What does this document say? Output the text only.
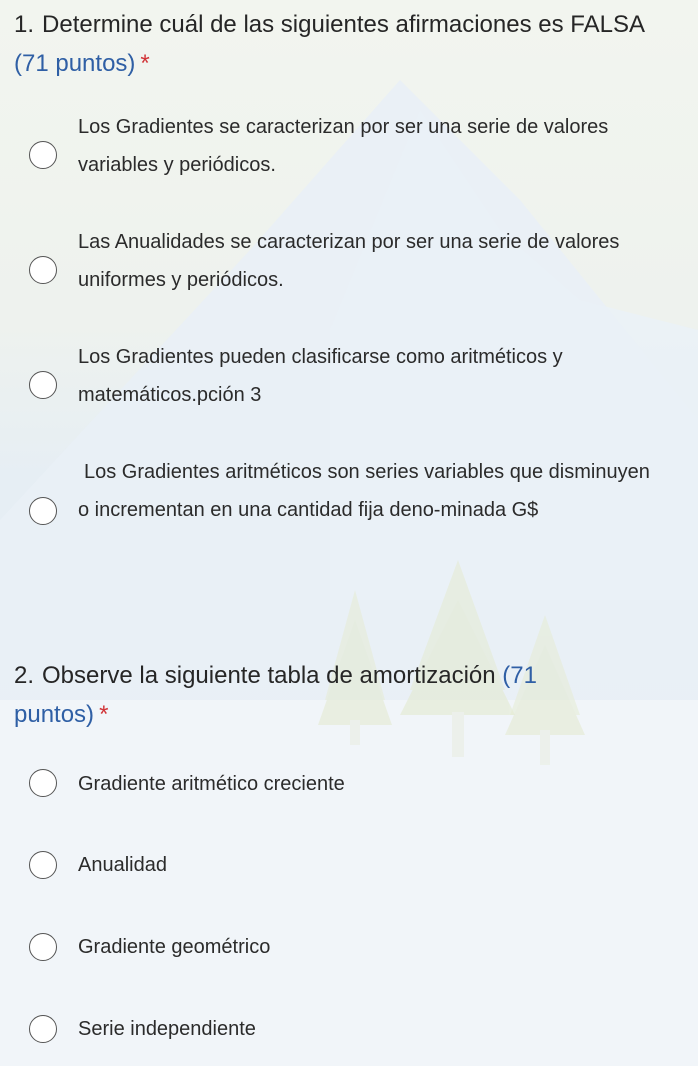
1. Determine cuál de las siguientes afirmaciones es FALSA (71 puntos) *
Los Gradientes se caracterizan por ser una serie de valores variables y periódicos.
Las Anualidades se caracterizan por ser una serie de valores uniformes y periódicos.
Los Gradientes pueden clasificarse como aritméticos y matemáticos.pción 3
Los Gradientes aritméticos son series variables que disminuyen o incrementan en una cantidad fija deno-minada G$
2. Observe la siguiente tabla de amortización (71 puntos) *
Gradiente aritmético creciente
Anualidad
Gradiente geométrico
Serie independiente
